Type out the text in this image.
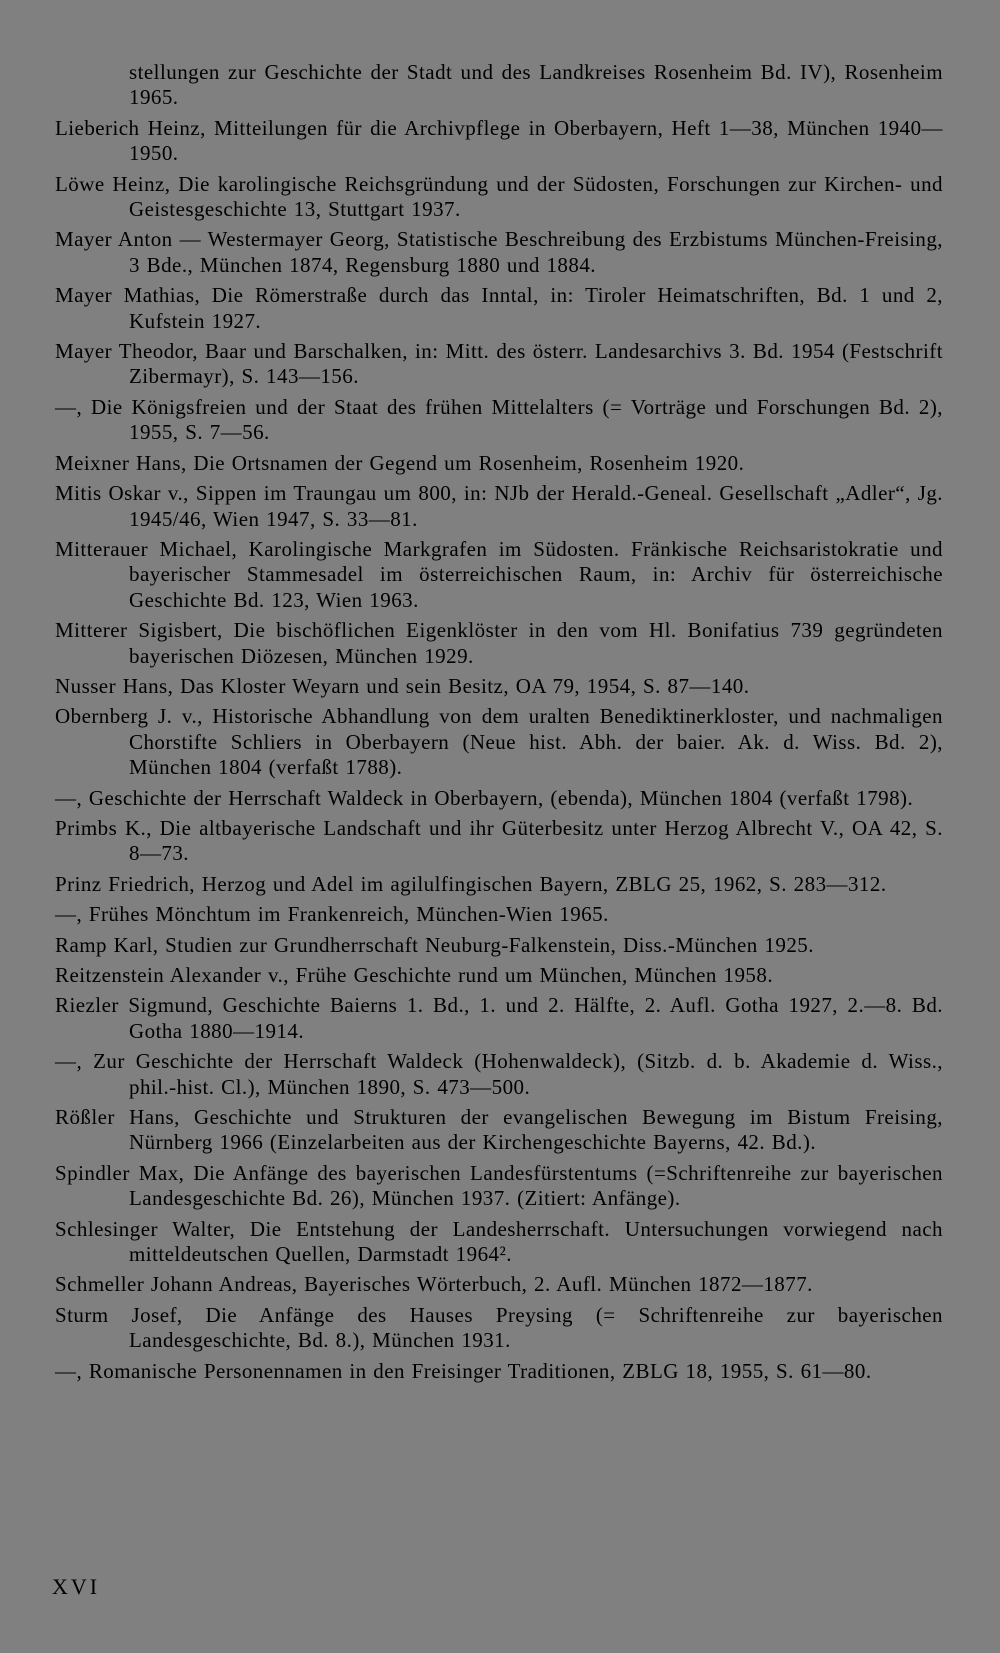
stellungen zur Geschichte der Stadt und des Landkreises Rosenheim Bd. IV), Rosenheim 1965.
Lieberich Heinz, Mitteilungen für die Archivpflege in Oberbayern, Heft 1—38, München 1940—1950.
Löwe Heinz, Die karolingische Reichsgründung und der Südosten, Forschungen zur Kirchen- und Geistesgeschichte 13, Stuttgart 1937.
Mayer Anton — Westermayer Georg, Statistische Beschreibung des Erzbistums München-Freising, 3 Bde., München 1874, Regensburg 1880 und 1884.
Mayer Mathias, Die Römerstraße durch das Inntal, in: Tiroler Heimatschriften, Bd. 1 und 2, Kufstein 1927.
Mayer Theodor, Baar und Barschalken, in: Mitt. des österr. Landesarchivs 3. Bd. 1954 (Festschrift Zibermayr), S. 143—156.
—, Die Königsfreien und der Staat des frühen Mittelalters (= Vorträge und Forschungen Bd. 2), 1955, S. 7—56.
Meixner Hans, Die Ortsnamen der Gegend um Rosenheim, Rosenheim 1920.
Mitis Oskar v., Sippen im Traungau um 800, in: NJb der Herald.-Geneal. Gesellschaft „Adler“, Jg. 1945/46, Wien 1947, S. 33—81.
Mitterauer Michael, Karolingische Markgrafen im Südosten. Fränkische Reichsaristokratie und bayerischer Stammesadel im österreichischen Raum, in: Archiv für österreichische Geschichte Bd. 123, Wien 1963.
Mitterer Sigisbert, Die bischöflichen Eigenklöster in den vom Hl. Bonifatius 739 gegründeten bayerischen Diözesen, München 1929.
Nusser Hans, Das Kloster Weyarn und sein Besitz, OA 79, 1954, S. 87—140.
Obernberg J. v., Historische Abhandlung von dem uralten Benediktinerkloster, und nachmaligen Chorstifte Schliers in Oberbayern (Neue hist. Abh. der baier. Ak. d. Wiss. Bd. 2), München 1804 (verfaßt 1788).
—, Geschichte der Herrschaft Waldeck in Oberbayern, (ebenda), München 1804 (verfaßt 1798).
Primbs K., Die altbayerische Landschaft und ihr Güterbesitz unter Herzog Albrecht V., OA 42, S. 8—73.
Prinz Friedrich, Herzog und Adel im agilulfingischen Bayern, ZBLG 25, 1962, S. 283—312.
—, Frühes Mönchtum im Frankenreich, München-Wien 1965.
Ramp Karl, Studien zur Grundherrschaft Neuburg-Falkenstein, Diss.-München 1925.
Reitzenstein Alexander v., Frühe Geschichte rund um München, München 1958.
Riezler Sigmund, Geschichte Baierns 1. Bd., 1. und 2. Hälfte, 2. Aufl. Gotha 1927, 2.—8. Bd. Gotha 1880—1914.
—, Zur Geschichte der Herrschaft Waldeck (Hohenwaldeck), (Sitzb. d. b. Akademie d. Wiss., phil.-hist. Cl.), München 1890, S. 473—500.
Rößler Hans, Geschichte und Strukturen der evangelischen Bewegung im Bistum Freising, Nürnberg 1966 (Einzelarbeiten aus der Kirchengeschichte Bayerns, 42. Bd.).
Spindler Max, Die Anfänge des bayerischen Landesfürstentums (=Schriftenreihe zur bayerischen Landesgeschichte Bd. 26), München 1937. (Zitiert: Anfänge).
Schlesinger Walter, Die Entstehung der Landesherrschaft. Untersuchungen vorwiegend nach mitteldeutschen Quellen, Darmstadt 1964².
Schmeller Johann Andreas, Bayerisches Wörterbuch, 2. Aufl. München 1872—1877.
Sturm Josef, Die Anfänge des Hauses Preysing (= Schriftenreihe zur bayerischen Landesgeschichte, Bd. 8.), München 1931.
—, Romanische Personennamen in den Freisinger Traditionen, ZBLG 18, 1955, S. 61—80.
XVI
